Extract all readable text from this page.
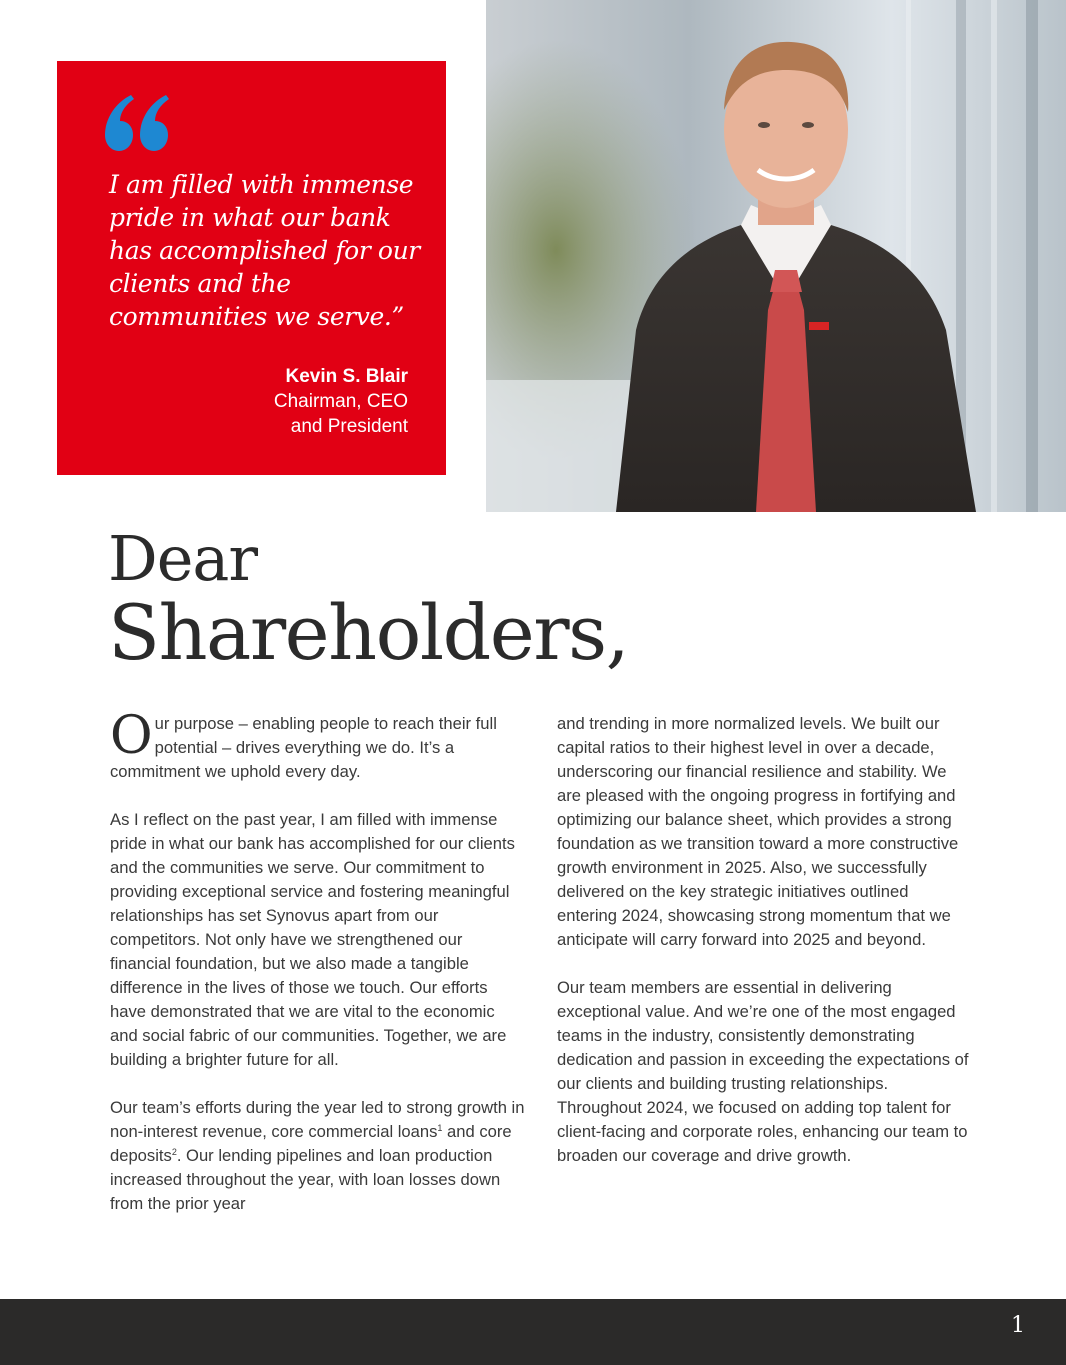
I am filled with immense pride in what our bank has accomplished for our clients and the communities we serve.”

Kevin S. Blair
Chairman, CEO
and President
Dear
Shareholders,

Our purpose – enabling people to reach their full potential – drives everything we do. It’s a commitment we uphold every day.

As I reflect on the past year, I am filled with immense pride in what our bank has accomplished for our clients and the communities we serve. Our commitment to providing exceptional service and fostering meaningful relationships has set Synovus apart from our competitors. Not only have we strengthened our financial foundation, but we also made a tangible difference in the lives of those we touch. Our efforts have demonstrated that we are vital to the economic and social fabric of our communities. Together, we are building a brighter future for all.

Our team’s efforts during the year led to strong growth in non-interest revenue, core commercial loans$^1$ and core deposits$^2$. Our lending pipelines and loan production increased throughout the year, with loan losses down from the prior year

and trending in more normalized levels. We built our capital ratios to their highest level in over a decade, underscoring our financial resilience and stability. We are pleased with the ongoing progress in fortifying and optimizing our balance sheet, which provides a strong foundation as we transition toward a more constructive growth environment in 2025. Also, we successfully delivered on the key strategic initiatives outlined entering 2024, showcasing strong momentum that we anticipate will carry forward into 2025 and beyond.

Our team members are essential in delivering exceptional value. And we’re one of the most engaged teams in the industry, consistently demonstrating dedication and passion in exceeding the expectations of our clients and building trusting relationships. Throughout 2024, we focused on adding top talent for client-facing and corporate roles, enhancing our team to broaden our coverage and drive growth.

1
